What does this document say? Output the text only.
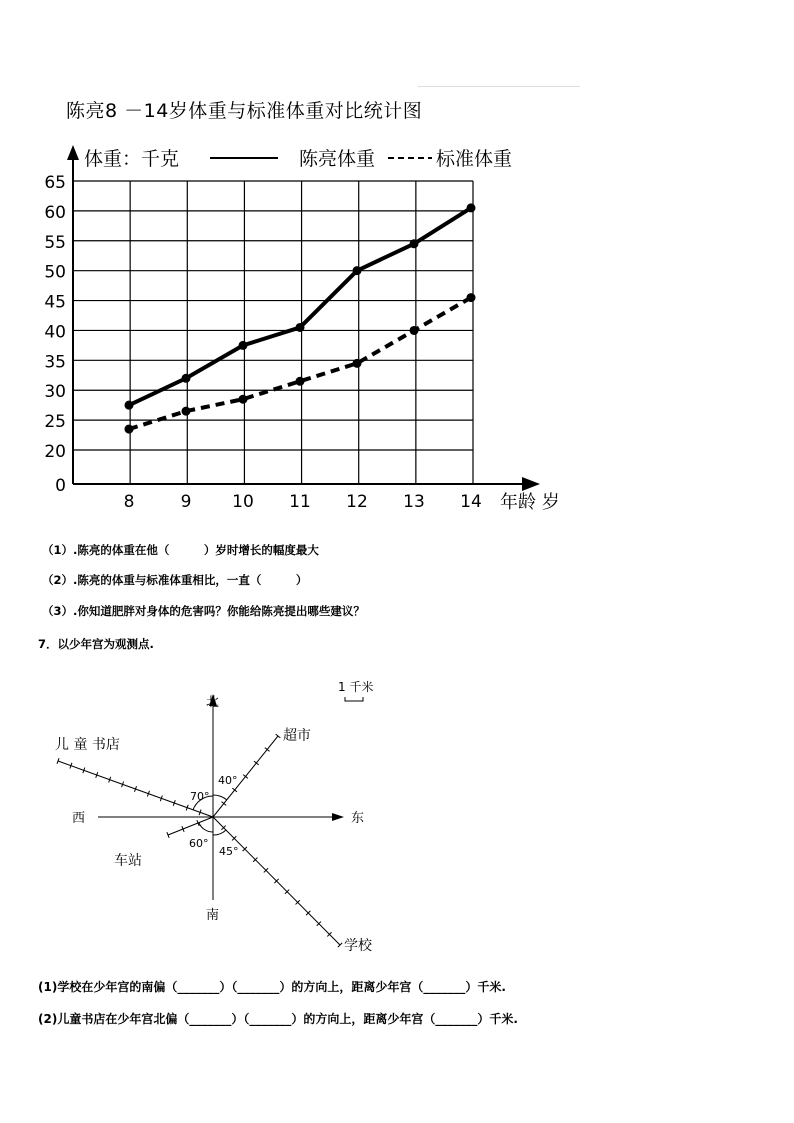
陈亮8 －14岁体重与标准体重对比统计图
65
60
55
50
45
40
35
30
25
20
0
8	9 10 11 12 13 14 年龄 岁
体重：千克	陈亮体重	标准体重
（1）.陈亮的体重在他（　　　）岁时增长的幅度最大
（2）.陈亮的体重与标准体重相比，一直（　　　）
（3）.你知道肥胖对身体的危害吗？你能给陈亮提出哪些建议？
7．以少年宫为观测点.
北
南
东
西
儿 童 书店
超市
车站
学校
40°
70°
60°
45°
1 千米
(1)学校在少年宫的南偏（_______）（_______）的方向上，距离少年宫（_______）千米.
(2)儿童书店在少年宫北偏（_______）（_______）的方向上，距离少年宫（_______）千米.
